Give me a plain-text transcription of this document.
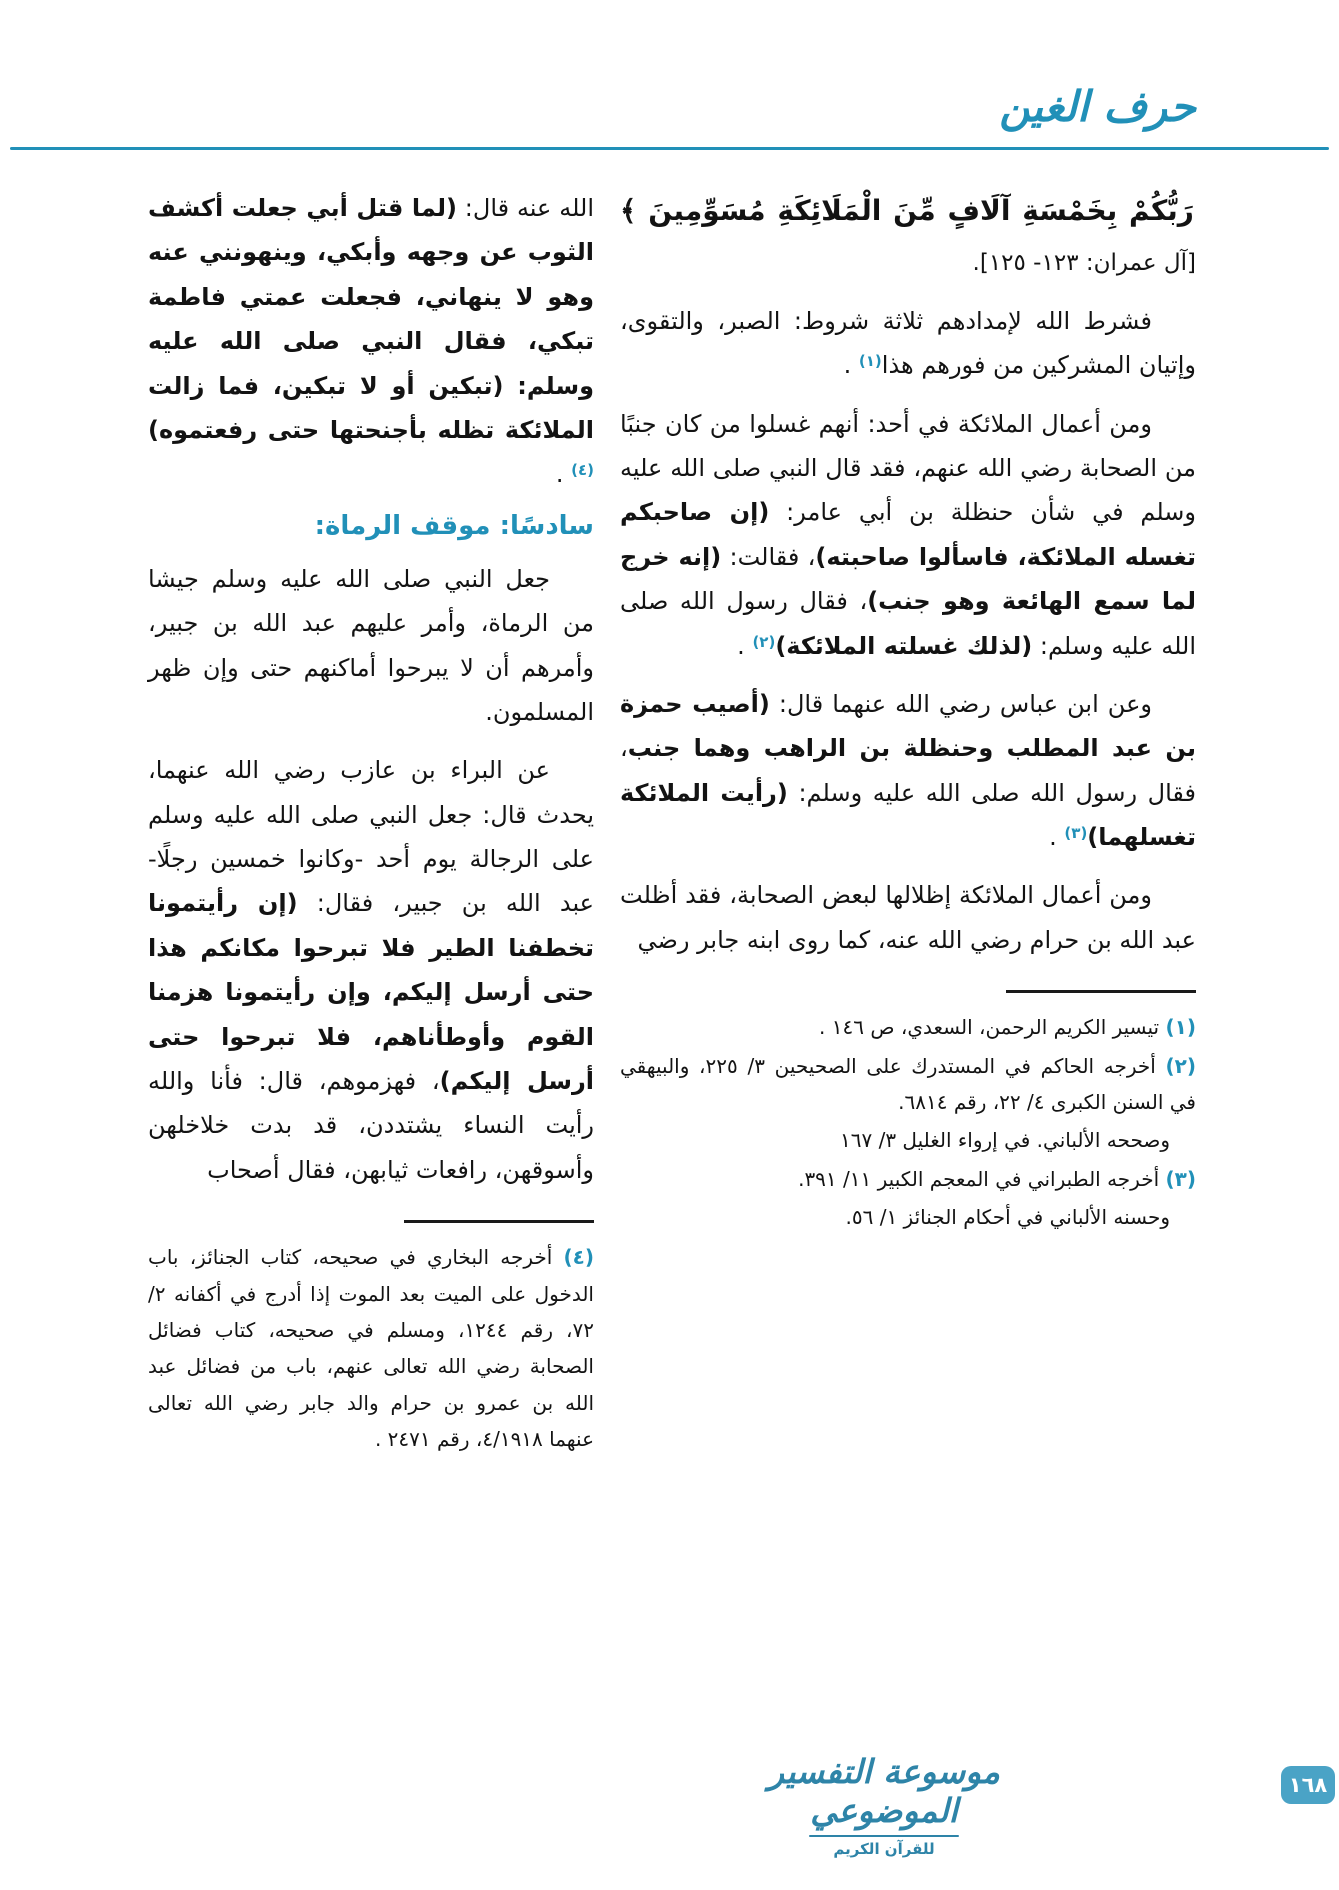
حرف الغين

رَبُّكُمْ بِخَمْسَةِ آلَافٍ مِّنَ الْمَلَائِكَةِ مُسَوِّمِينَ ﴾ [آل عمران: ١٢٣- ١٢٥].

فشرط الله لإمدادهم ثلاثة شروط: الصبر، والتقوى، وإتيان المشركين من فورهم هذا$^{(١)}$ .

ومن أعمال الملائكة في أحد: أنهم غسلوا من كان جنبًا من الصحابة رضي الله عنهم، فقد قال النبي صلى الله عليه وسلم في شأن حنظلة بن أبي عامر: (إن صاحبكم تغسله الملائكة، فاسألوا صاحبته)، فقالت: (إنه خرج لما سمع الهائعة وهو جنب)، فقال رسول الله صلى الله عليه وسلم: (لذلك غسلته الملائكة)$^{(٢)}$ .

وعن ابن عباس رضي الله عنهما قال: (أصيب حمزة بن عبد المطلب وحنظلة بن الراهب وهما جنب، فقال رسول الله صلى الله عليه وسلم: (رأيت الملائكة تغسلهما)$^{(٣)}$ .

ومن أعمال الملائكة إظلالها لبعض الصحابة، فقد أظلت عبد الله بن حرام رضي الله عنه، كما روى ابنه جابر رضي

(١) تيسير الكريم الرحمن، السعدي، ص ١٤٦ .

(٢) أخرجه الحاكم في المستدرك على الصحيحين ٣/ ٢٢٥، والبيهقي في السنن الكبرى ٤/ ٢٢، رقم ٦٨١٤.

وصححه الألباني. في إرواء الغليل ٣/ ١٦٧

(٣) أخرجه الطبراني في المعجم الكبير ١١/ ٣٩١.

وحسنه الألباني في أحكام الجنائز ١/ ٥٦.

الله عنه قال: (لما قتل أبي جعلت أكشف الثوب عن وجهه وأبكي، وينهونني عنه وهو لا ينهاني، فجعلت عمتي فاطمة تبكي، فقال النبي صلى الله عليه وسلم: (تبكين أو لا تبكين، فما زالت الملائكة تظله بأجنحتها حتى رفعتموه)$^{(٤)}$ .

سادسًا: موقف الرماة:

جعل النبي صلى الله عليه وسلم جيشا من الرماة، وأمر عليهم عبد الله بن جبير، وأمرهم أن لا يبرحوا أماكنهم حتى وإن ظهر المسلمون.

عن البراء بن عازب رضي الله عنهما، يحدث قال: جعل النبي صلى الله عليه وسلم على الرجالة يوم أحد -وكانوا خمسين رجلًا- عبد الله بن جبير، فقال: (إن رأيتمونا تخطفنا الطير فلا تبرحوا مكانكم هذا حتى أرسل إليكم، وإن رأيتمونا هزمنا القوم وأوطأناهم، فلا تبرحوا حتى أرسل إليكم)، فهزموهم، قال: فأنا والله رأيت النساء يشتددن، قد بدت خلاخلهن وأسوقهن، رافعات ثيابهن، فقال أصحاب

(٤) أخرجه البخاري في صحيحه، كتاب الجنائز، باب الدخول على الميت بعد الموت إذا أدرج في أكفانه ٢/ ٧٢، رقم ١٢٤٤، ومسلم في صحيحه، كتاب فضائل الصحابة رضي الله تعالى عنهم، باب من فضائل عبد الله بن عمرو بن حرام والد جابر رضي الله تعالى عنهما ٤/١٩١٨، رقم ٢٤٧١ .

موسوعة التفسير الموضوعي
للقرآن الكريم
١٦٨
